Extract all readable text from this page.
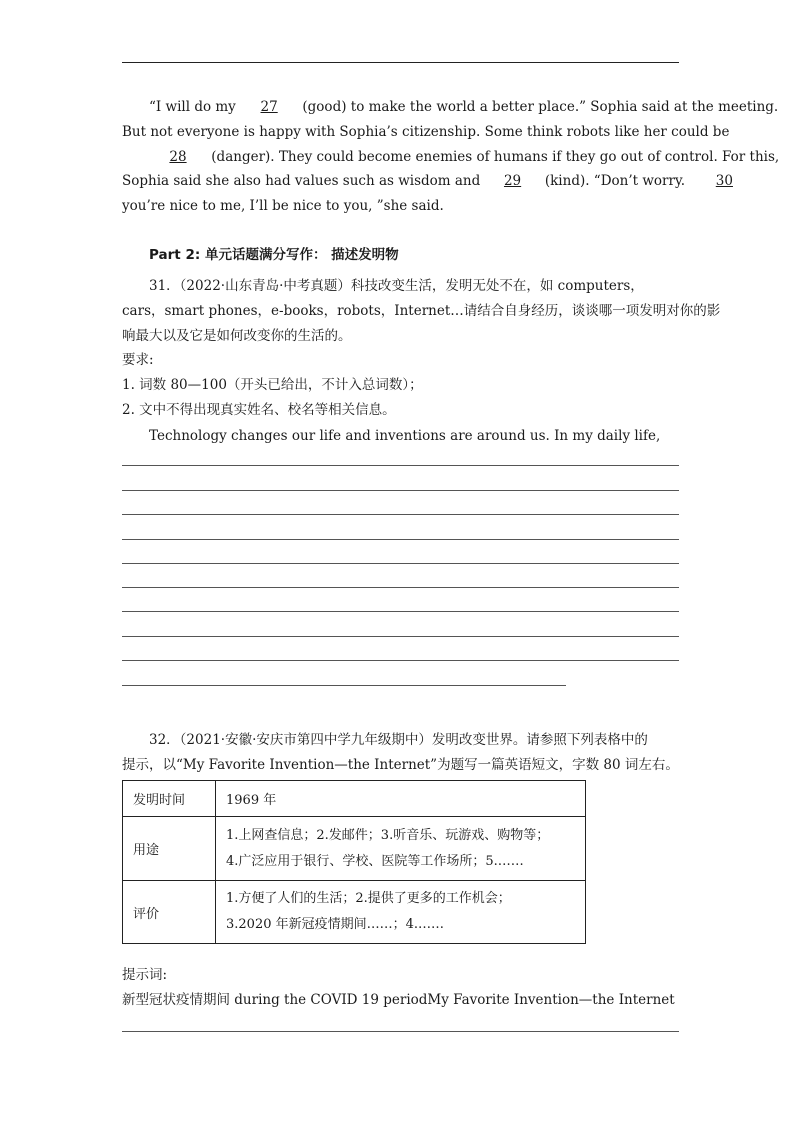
“I will do my 27 (good) to make the world a better place.” Sophia said at the meeting.
But not everyone is happy with Sophia’s citizenship. Some think robots like her could be
28 (danger). They could become enemies of humans if they go out of control. For this,
Sophia said she also had values such as wisdom and 29 (kind). “Don’t worry. 30
you’re nice to me, I’ll be nice to you, ”she said.
Part 2: 单元话题满分写作： 描述发明物
31．（2022·山东青岛·中考真题）科技改变生活，发明无处不在，如 computers，
cars，smart phones，e-books，robots，Internet…请结合自身经历，谈谈哪一项发明对你的影
响最大以及它是如何改变你的生活的。
要求:
1. 词数 80—100（开头已给出，不计入总词数）；
2. 文中不得出现真实姓名、校名等相关信息。
Technology changes our life and inventions are around us. In my daily life,
32．（2021·安徽·安庆市第四中学九年级期中）发明改变世界。请参照下列表格中的
提示，以“My Favorite Invention—the Internet”为题写一篇英语短文，字数 80 词左右。
发明时间	1969 年
用途	1.上网查信息；2.发邮件；3.听音乐、玩游戏、购物等；

4.广泛应用于银行、学校、医院等工作场所；5.……

评价	1.方便了人们的生活；2.提供了更多的工作机会；

3.2020 年新冠疫情期间……；4.……

提示词:
新型冠状疫情期间 during the COVID 19 periodMy Favorite Invention—the Internet
